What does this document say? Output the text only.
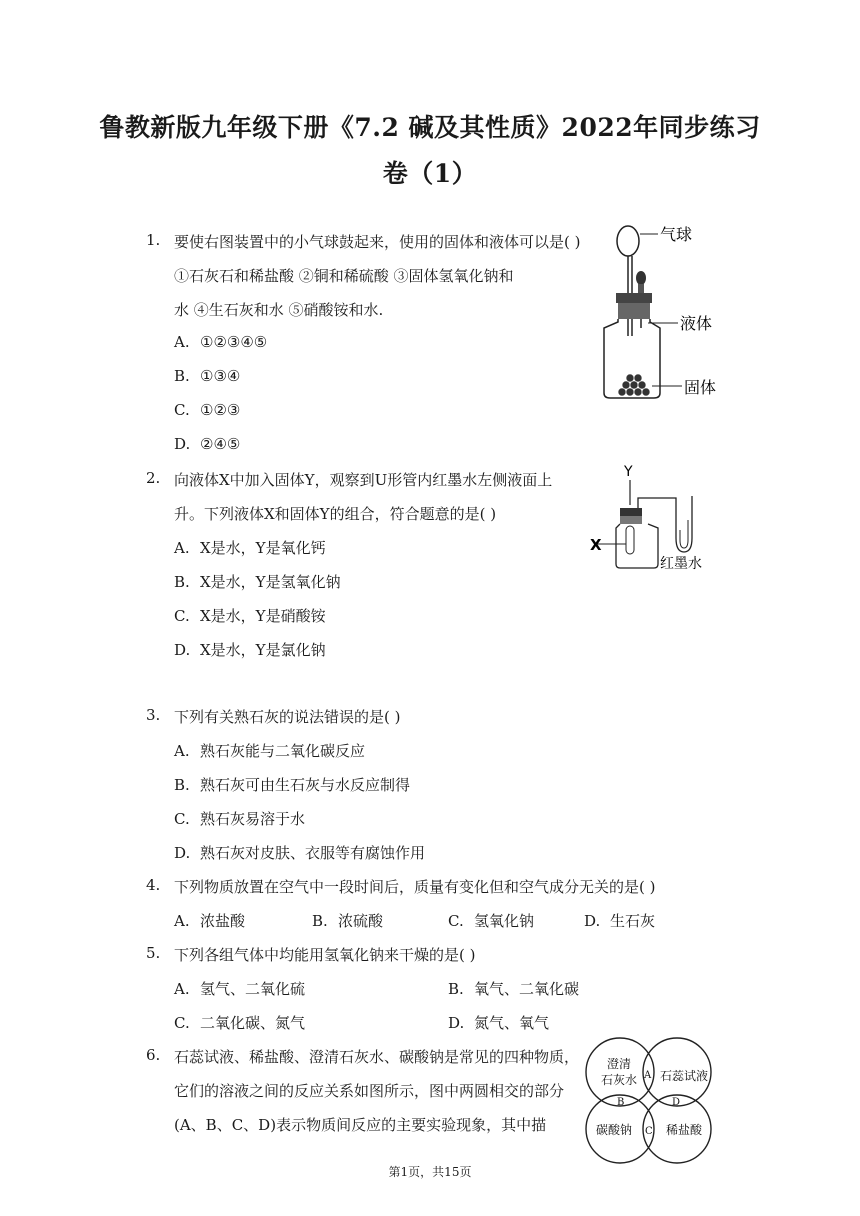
鲁教新版九年级下册《7.2 碱及其性质》2022年同步练习
卷（1）
1. 要使右图装置中的小气球鼓起来，使用的固体和液体可以是( )
①石灰石和稀盐酸 ②铜和稀硫酸 ③固体氢氧化钠和
水 ④生石灰和水 ⑤硝酸铵和水.
A. ①②③④⑤
B. ①③④
C. ①②③
D. ②④⑤
气球
液体
固体
2. 向液体X中加入固体Y，观察到U形管内红墨水左侧液面上
升。下列液体X和固体Y的组合，符合题意的是( )
A. X是水，Y是氧化钙
B. X是水，Y是氢氧化钠
C. X是水，Y是硝酸铵
D. X是水，Y是氯化钠
Y
X
红墨水
3. 下列有关熟石灰的说法错误的是( )
A. 熟石灰能与二氧化碳反应
B. 熟石灰可由生石灰与水反应制得
C. 熟石灰易溶于水
D. 熟石灰对皮肤、衣服等有腐蚀作用
4. 下列物质放置在空气中一段时间后，质量有变化但和空气成分无关的是( )
A. 浓盐酸	B. 浓硫酸	C. 氢氧化钠	D. 生石灰
5. 下列各组气体中均能用氢氧化钠来干燥的是( )
A. 氢气、二氧化硫	B. 氧气、二氧化碳
C. 二氧化碳、氮气	D. 氮气、氧气
6. 石蕊试液、稀盐酸、澄清石灰水、碳酸钠是常见的四种物质，
它们的溶液之间的反应关系如图所示，图中两圆相交的部分
(A、B、C、D)表示物质间反应的主要实验现象，其中描
澄清
石灰水 石蕊试液
碳酸钠	稀盐酸
A
B
C
D
第1页，共15页
